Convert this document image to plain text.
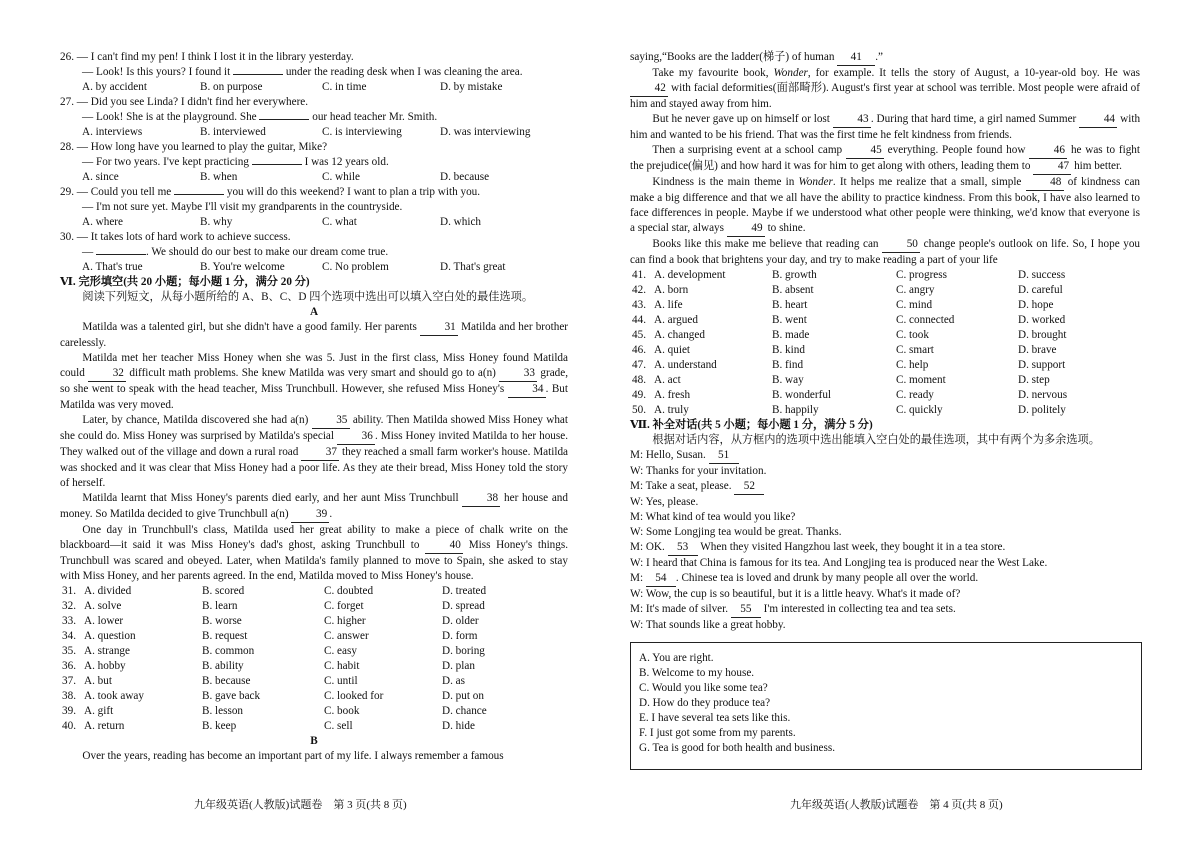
26. — I can't find my pen! I think I lost it in the library yesterday.
— Look! Is this yours? I found it	under the reading desk when I was cleaning the area.
A. by accident	B. on purpose	C. in time	D. by mistake
27. — Did you see Linda? I didn't find her everywhere.
— Look! She is at the playground. She	our head teacher Mr. Smith.
A. interviews	B. interviewed	C. is interviewing	D. was interviewing
28. — How long have you learned to play the guitar, Mike?
— For two years. I've kept practicing	I was 12 years old.
A. since	B. when	C. while	D. because
29. — Could you tell me	you will do this weekend? I want to plan a trip with you.
— I'm not sure yet. Maybe I'll visit my grandparents in the countryside.
A. where	B. why	C. what	D. which
30. — It takes lots of hard work to achieve success.
—	. We should do our best to make our dream come true.
A. That's true	B. You're welcome	C. No problem	D. That's great
Ⅵ. 完形填空(共 20 小题；每小题 1 分，满分 20 分)
阅读下列短文，从每小题所给的 A、B、C、D 四个选项中选出可以填入空白处的最佳选项。
A
Matilda was a talented girl, but she didn't have a good family. Her parents 31 Matilda and her brother carelessly.
Matilda met her teacher Miss Honey when she was 5. Just in the first class, Miss Honey found Matilda could 32 difficult math problems. She knew Matilda was very smart and should go to a(n) 33 grade, so she went to speak with the head teacher, Miss Trunchbull. However, she refused Miss Honey's	34 . But Matilda was very moved.
Later, by chance, Matilda discovered she had a(n) 35 ability. Then Matilda showed Miss Honey what she could do. Miss Honey was surprised by Matilda's special 36 . Miss Honey invited Matilda to her house. They walked out of the village and down a rural road 37 they reached a small farm worker's house. Matilda was shocked and it was clear that Miss Honey had a poor life. As they ate their bread, Miss Honey told the story of herself.
Matilda learnt that Miss Honey's parents died early, and her aunt Miss Trunchbull	38 her house and money. So Matilda decided to give Trunchbull a(n) 39 .
One day in Trunchbull's class, Matilda used her great ability to make a piece of chalk write on the blackboard—it said it was Miss Honey's dad's ghost, asking Trunchbull to	40 Miss Honey's things. Trunchbull was scared and obeyed. Later, when Matilda's family planned to move to Spain, she asked to stay with Miss Honey, and her parents agreed. In the end, Matilda moved to Miss Honey's house.
31. A. divided	B. scored	C. doubted	D. treated
32. A. solve	B. learn	C. forget	D. spread
33. A. lower	B. worse	C. higher	D. older
34. A. question	B. request	C. answer	D. form
35. A. strange	B. common	C. easy	D. boring
36. A. hobby	B. ability	C. habit	D. plan
37. A. but	B. because	C. until	D. as
38. A. took away	B. gave back	C. looked for	D. put on
39. A. gift	B. lesson	C. book	D. chance
40. A. return	B. keep	C. sell	D. hide
B
Over the years, reading has become an important part of my life. I always remember a famous
saying,“Books are the ladder(梯子) of human 41 .”
Take my favourite book, Wonder, for example. It tells the story of August, a 10-year-old boy. He was 42 with facial deformities(面部畸形). August's first year at school was terrible. Most people were afraid of him and stayed away from him.
But he never gave up on himself or lost 43 . During that hard time, a girl named Summer 44 with him and wanted to be his friend. That was the first time he felt kindness from friends.
Then a surprising event at a school camp	45 everything. People found how	46 he was to fight the prejudice(偏见) and how hard it was for him to get along with others, leading them to 47 him better.
Kindness is the main theme in Wonder. It helps me realize that a small, simple	48 of kindness can make a big difference and that we all have the ability to practice kindness. From this book, I have also learned to face differences in people. Maybe if we understood what other people were thinking, we'd know that everyone is a special star, always 49 to shine.
Books like this make me believe that reading can	50 change people's outlook on life. So, I hope you can find a book that brightens your day, and try to make reading a part of your life
41. A. development	B. growth	C. progress	D. success
42. A. born	B. absent	C. angry	D. careful
43. A. life	B. heart	C. mind	D. hope
44. A. argued	B. went	C. connected	D. worked
45. A. changed	B. made	C. took	D. brought
46. A. quiet	B. kind	C. smart	D. brave
47. A. understand	B. find	C. help	D. support
48. A. act	B. way	C. moment	D. step
49. A. fresh	B. wonderful	C. ready	D. nervous
50. A. truly	B. happily	C. quickly	D. politely
Ⅶ. 补全对话(共 5 小题；每小题 1 分，满分 5 分)
根据对话内容，从方框内的选项中选出能填入空白处的最佳选项，其中有两个为多余选项。
M: Hello, Susan. 51
W: Thanks for your invitation.
M: Take a seat, please. 52
W: Yes, please.
M: What kind of tea would you like?
W: Some Longjing tea would be great. Thanks.
M: OK. 53 When they visited Hangzhou last week, they bought it in a tea store.
W: I heard that China is famous for its tea. And Longjing tea is produced near the West Lake.
M: 54 . Chinese tea is loved and drunk by many people all over the world.
W: Wow, the cup is so beautiful, but it is a little heavy. What's it made of?
M: It's made of silver. 55 I'm interested in collecting tea and tea sets.
W: That sounds like a great hobby.
A. You are right.
B. Welcome to my house.
C. Would you like some tea?
D. How do they produce tea?
E. I have several tea sets like this.
F. I just got some from my parents.
G. Tea is good for both health and business.
九年级英语(人教版)试题卷　第 3 页(共 8 页)	九年级英语(人教版)试题卷　第 4 页(共 8 页)
